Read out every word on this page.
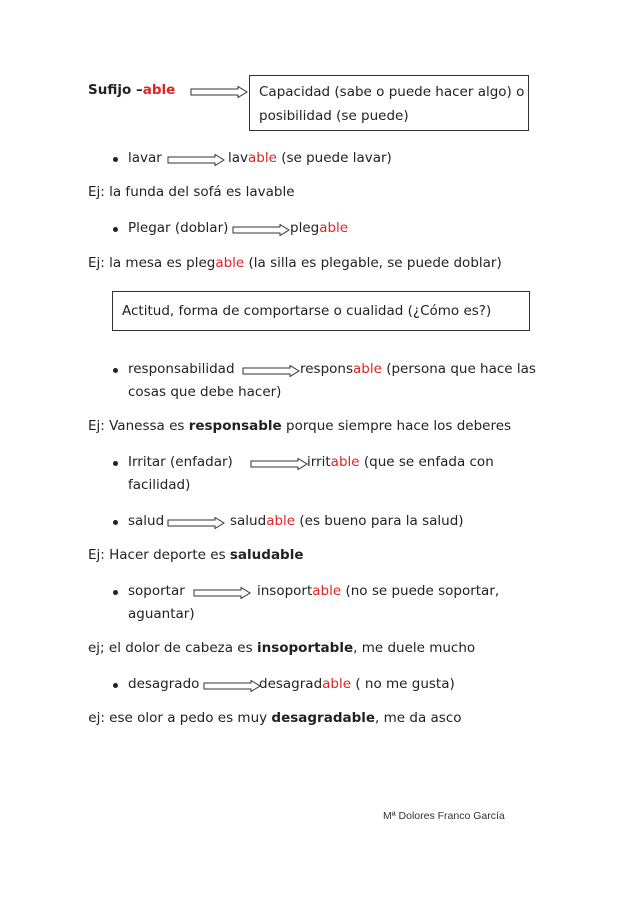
Sufijo –able	Capacidad (sabe o puede hacer algo) o
posibilidad (se puede)
lavar	lavable (se puede lavar)
Ej: la funda del sofá es lavable
Plegar (doblar)	plegable
Ej: la mesa es plegable (la silla es plegable, se puede doblar)
Actitud, forma de comportarse o cualidad (¿Cómo es?)
responsabilidad	responsable (persona que hace las
cosas que debe hacer)
Ej: Vanessa es responsable porque siempre hace los deberes
Irritar (enfadar)	irritable (que se enfada con
facilidad)
salud	saludable (es bueno para la salud)
Ej: Hacer deporte es saludable
soportar	insoportable (no se puede soportar,
aguantar)
ej; el dolor de cabeza es insoportable, me duele mucho
desagrado	desagradable ( no me gusta)
ej: ese olor a pedo es muy desagradable, me da asco
Mª Dolores Franco García
